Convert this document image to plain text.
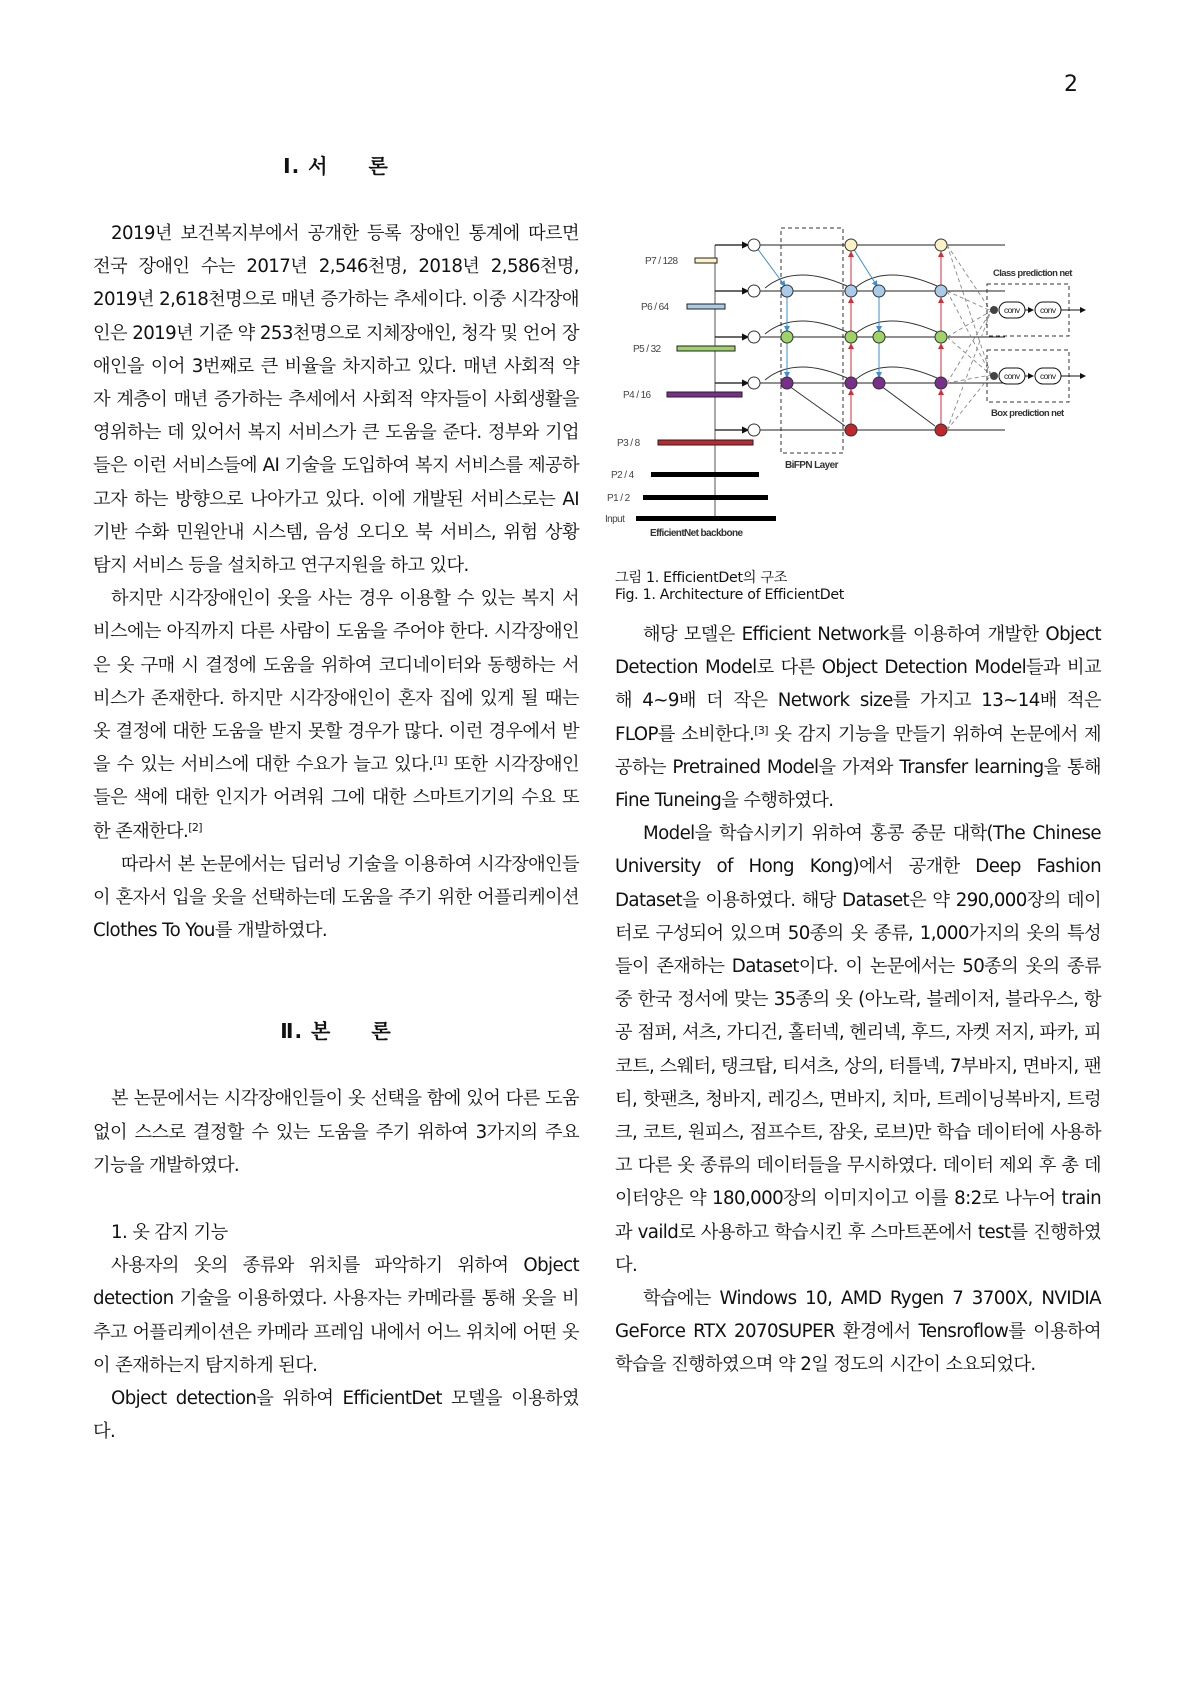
2
Ⅰ. 서 론

2019년 보건복지부에서 공개한 등록 장애인 통계에 따르면 전국 장애인 수는 2017년 2,546천명, 2018년 2,586천명, 2019년 2,618천명으로 매년 증가하는 추세이다. 이중 시각장애인은 2019년 기준 약 253천명으로 지체장애인, 청각 및 언어 장애인을 이어 3번째로 큰 비율을 차지하고 있다. 매년 사회적 약자 계층이 매년 증가하는 추세에서 사회적 약자들이 사회생활을 영위하는 데 있어서 복지 서비스가 큰 도움을 준다. 정부와 기업들은 이런 서비스들에 AI 기술을 도입하여 복지 서비스를 제공하고자 하는 방향으로 나아가고 있다. 이에 개발된 서비스로는 AI 기반 수화 민원안내 시스템, 음성 오디오 북 서비스, 위험 상황 탐지 서비스 등을 설치하고 연구지원을 하고 있다.

하지만 시각장애인이 옷을 사는 경우 이용할 수 있는 복지 서비스에는 아직까지 다른 사람이 도움을 주어야 한다. 시각장애인은 옷 구매 시 결정에 도움을 위하여 코디네이터와 동행하는 서비스가 존재한다. 하지만 시각장애인이 혼자 집에 있게 될 때는 옷 결정에 대한 도움을 받지 못할 경우가 많다. 이런 경우에서 받을 수 있는 서비스에 대한 수요가 늘고 있다.[1] 또한 시각장애인들은 색에 대한 인지가 어려워 그에 대한 스마트기기의 수요 또한 존재한다.[2]

따라서 본 논문에서는 딥러닝 기술을 이용하여 시각장애인들이 혼자서 입을 옷을 선택하는데 도움을 주기 위한 어플리케이션 Clothes To You를 개발하였다.

Ⅱ. 본 론

본 논문에서는 시각장애인들이 옷 선택을 함에 있어 다른 도움 없이 스스로 결정할 수 있는 도움을 주기 위하여 3가지의 주요 기능을 개발하였다.

1. 옷 감지 기능

사용자의 옷의 종류와 위치를 파악하기 위하여 Object detection 기술을 이용하였다. 사용자는 카메라를 통해 옷을 비추고 어플리케이션은 카메라 프레임 내에서 어느 위치에 어떤 옷이 존재하는지 탐지하게 된다.

Object detection을 위하여 EfficientDet 모델을 이용하였다.

P7 / 128
P6 / 64
P5 / 32
P4 / 16
P3 / 8
P2 / 4
P1 / 2
Input
EfficientNet backbone
BiFPN Layer
Class prediction net
Box prediction net
conv conv
conv conv
그림 1. EfficientDet의 구조
Fig. 1. Architecture of EfficientDet

해당 모델은 Efficient Network를 이용하여 개발한 Object Detection Model로 다른 Object Detection Model들과 비교해 4~9배 더 작은 Network size를 가지고 13~14배 적은 FLOP를 소비한다.[3] 옷 감지 기능을 만들기 위하여 논문에서 제공하는 Pretrained Model을 가져와 Transfer learning을 통해 Fine Tuneing을 수행하였다.

Model을 학습시키기 위하여 홍콩 중문 대학(The Chinese University of Hong Kong)에서 공개한 Deep Fashion Dataset을 이용하였다. 해당 Dataset은 약 290,000장의 데이터로 구성되어 있으며 50종의 옷 종류, 1,000가지의 옷의 특성들이 존재하는 Dataset이다. 이 논문에서는 50종의 옷의 종류 중 한국 정서에 맞는 35종의 옷 (아노락, 블레이저, 블라우스, 항공 점퍼, 셔츠, 가디건, 홀터넥, 헨리넥, 후드, 자켓 저지, 파카, 피코트, 스웨터, 탱크탑, 티셔츠, 상의, 터틀넥, 7부바지, 면바지, 팬티, 핫팬츠, 청바지, 레깅스, 면바지, 치마, 트레이닝복바지, 트렁크, 코트, 원피스, 점프수트, 잠옷, 로브)만 학습 데이터에 사용하고 다른 옷 종류의 데이터들을 무시하였다. 데이터 제외 후 총 데이터양은 약 180,000장의 이미지이고 이를 8:2로 나누어 train과 vaild로 사용하고 학습시킨 후 스마트폰에서 test를 진행하였다.

학습에는 Windows 10, AMD Rygen 7 3700X, NVIDIA GeForce RTX 2070SUPER 환경에서 Tensroflow를 이용하여 학습을 진행하였으며 약 2일 정도의 시간이 소요되었다.
